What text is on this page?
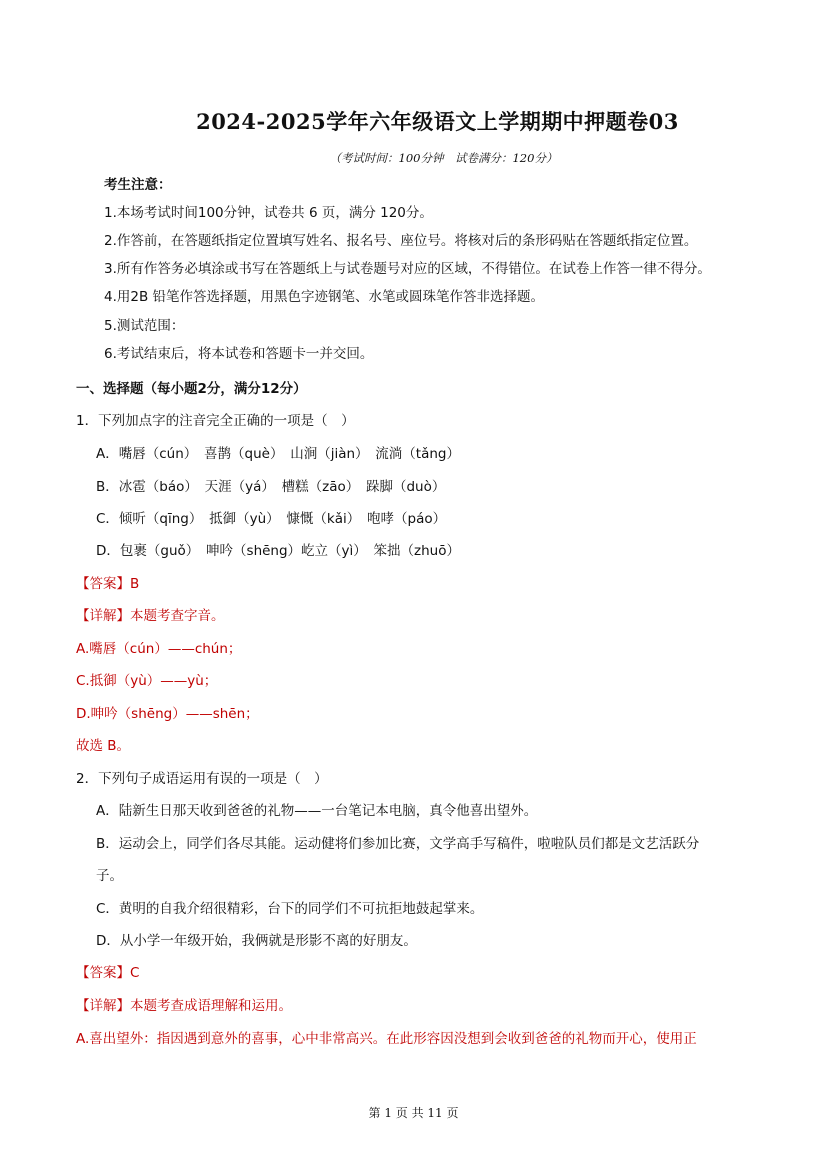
2024-2025学年六年级语文上学期期中押题卷03
（考试时间：100分钟　试卷满分：120分）
考生注意：
1.本场考试时间100分钟，试卷共 6 页，满分 120分。
2.作答前，在答题纸指定位置填写姓名、报名号、座位号。将核对后的条形码贴在答题纸指定位置。
3.所有作答务必填涂或书写在答题纸上与试卷题号对应的区域，不得错位。在试卷上作答一律不得分。
4.用2B 铅笔作答选择题，用黑色字迹钢笔、水笔或圆珠笔作答非选择题。
5.测试范围：
6.考试结束后，将本试卷和答题卡一并交回。
一、选择题（每小题2分，满分12分）
1．下列加点字的注音完全正确的一项是（　）
A．嘴唇（cún）　喜鹊（què）　山涧（jiàn）　流淌（tǎng）
B．冰雹（báo）　天涯（yá）　槽糕（zāo）　跺脚（duò）
C．倾听（qīng）　抵御（yù）　慷慨（kǎi）　咆哮（páo）
D．包裹（guǒ）　呻吟（shēng）屹立（yì）　笨拙（zhuō）
【答案】B
【详解】本题考查字音。
A.嘴唇（cún）——chún；
C.抵御（yù）——yù；
D.呻吟（shēng）——shēn；
故选 B。
2．下列句子成语运用有误的一项是（　）
A．陆新生日那天收到爸爸的礼物——一台笔记本电脑，真令他喜出望外。
B．运动会上，同学们各尽其能。运动健将们参加比赛，文学高手写稿件，啦啦队员们都是文艺活跃分
子。
C．黄明的自我介绍很精彩，台下的同学们不可抗拒地鼓起掌来。
D．从小学一年级开始，我俩就是形影不离的好朋友。
【答案】C
【详解】本题考查成语理解和运用。
A.喜出望外：指因遇到意外的喜事，心中非常高兴。在此形容因没想到会收到爸爸的礼物而开心，使用正
第 1 页 共 11 页
